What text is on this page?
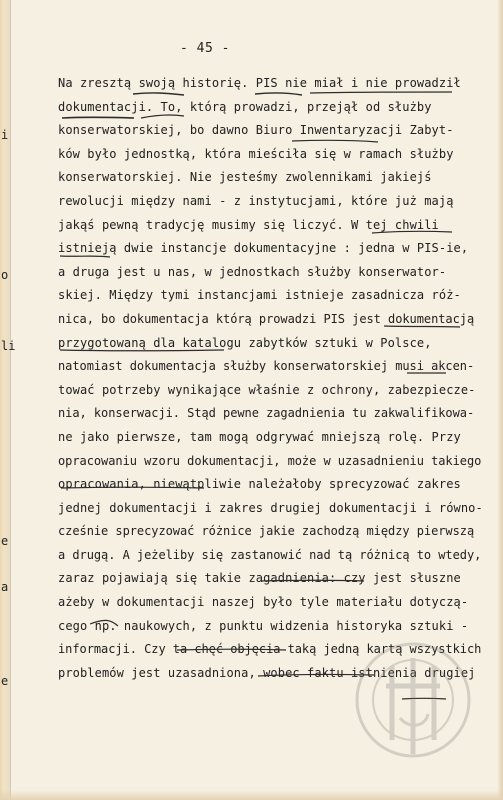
i
o
li
e
a
e
- 45 -
Na zresztą swoją historię. PIS nie miał i nie prowadził
dokumentacji. To, którą prowadzi, przejął od służby
konserwatorskiej, bo dawno Biuro Inwentaryzacji Zabyt-
ków było jednostką, która mieściła się w ramach służby
konserwatorskiej. Nie jesteśmy zwolennikami jakiejś
rewolucji między nami - z instytucjami, które już mają
jakąś pewną tradycję musimy się liczyć. W tej chwili
istnieją dwie instancje dokumentacyjne : jedna w PIS-ie,
a druga jest u nas, w jednostkach służby konserwator-
skiej. Między tymi instancjami istnieje zasadnicza róż-
nica, bo dokumentacja którą prowadzi PIS jest dokumentacją
przygotowaną dla katalogu zabytków sztuki w Polsce,
natomiast dokumentacja służby konserwatorskiej musi akcen-
tować potrzeby wynikające właśnie z ochrony, zabezpiecze-
nia, konserwacji. Stąd pewne zagadnienia tu zakwalifikowa-
ne jako pierwsze, tam mogą odgrywać mniejszą rolę. Przy
opracowaniu wzoru dokumentacji, może w uzasadnieniu takiego
opracowania, niewątpliwie należałoby sprecyzować zakres
jednej dokumentacji i zakres drugiej dokumentacji i równo-
cześnie sprecyzować różnice jakie zachodzą między pierwszą
a drugą. A jeżeliby się zastanowić nad tą różnicą to wtedy,
zaraz pojawiają się takie zagadnienia: czy jest słuszne
ażeby w dokumentacji naszej było tyle materiału dotyczą-
cego np. naukowych, z punktu widzenia historyka sztuki -
informacji. Czy ta chęć objęcia taką jedną kartą wszystkich
problemów jest uzasadniona, wobec faktu istnienia drugiej
